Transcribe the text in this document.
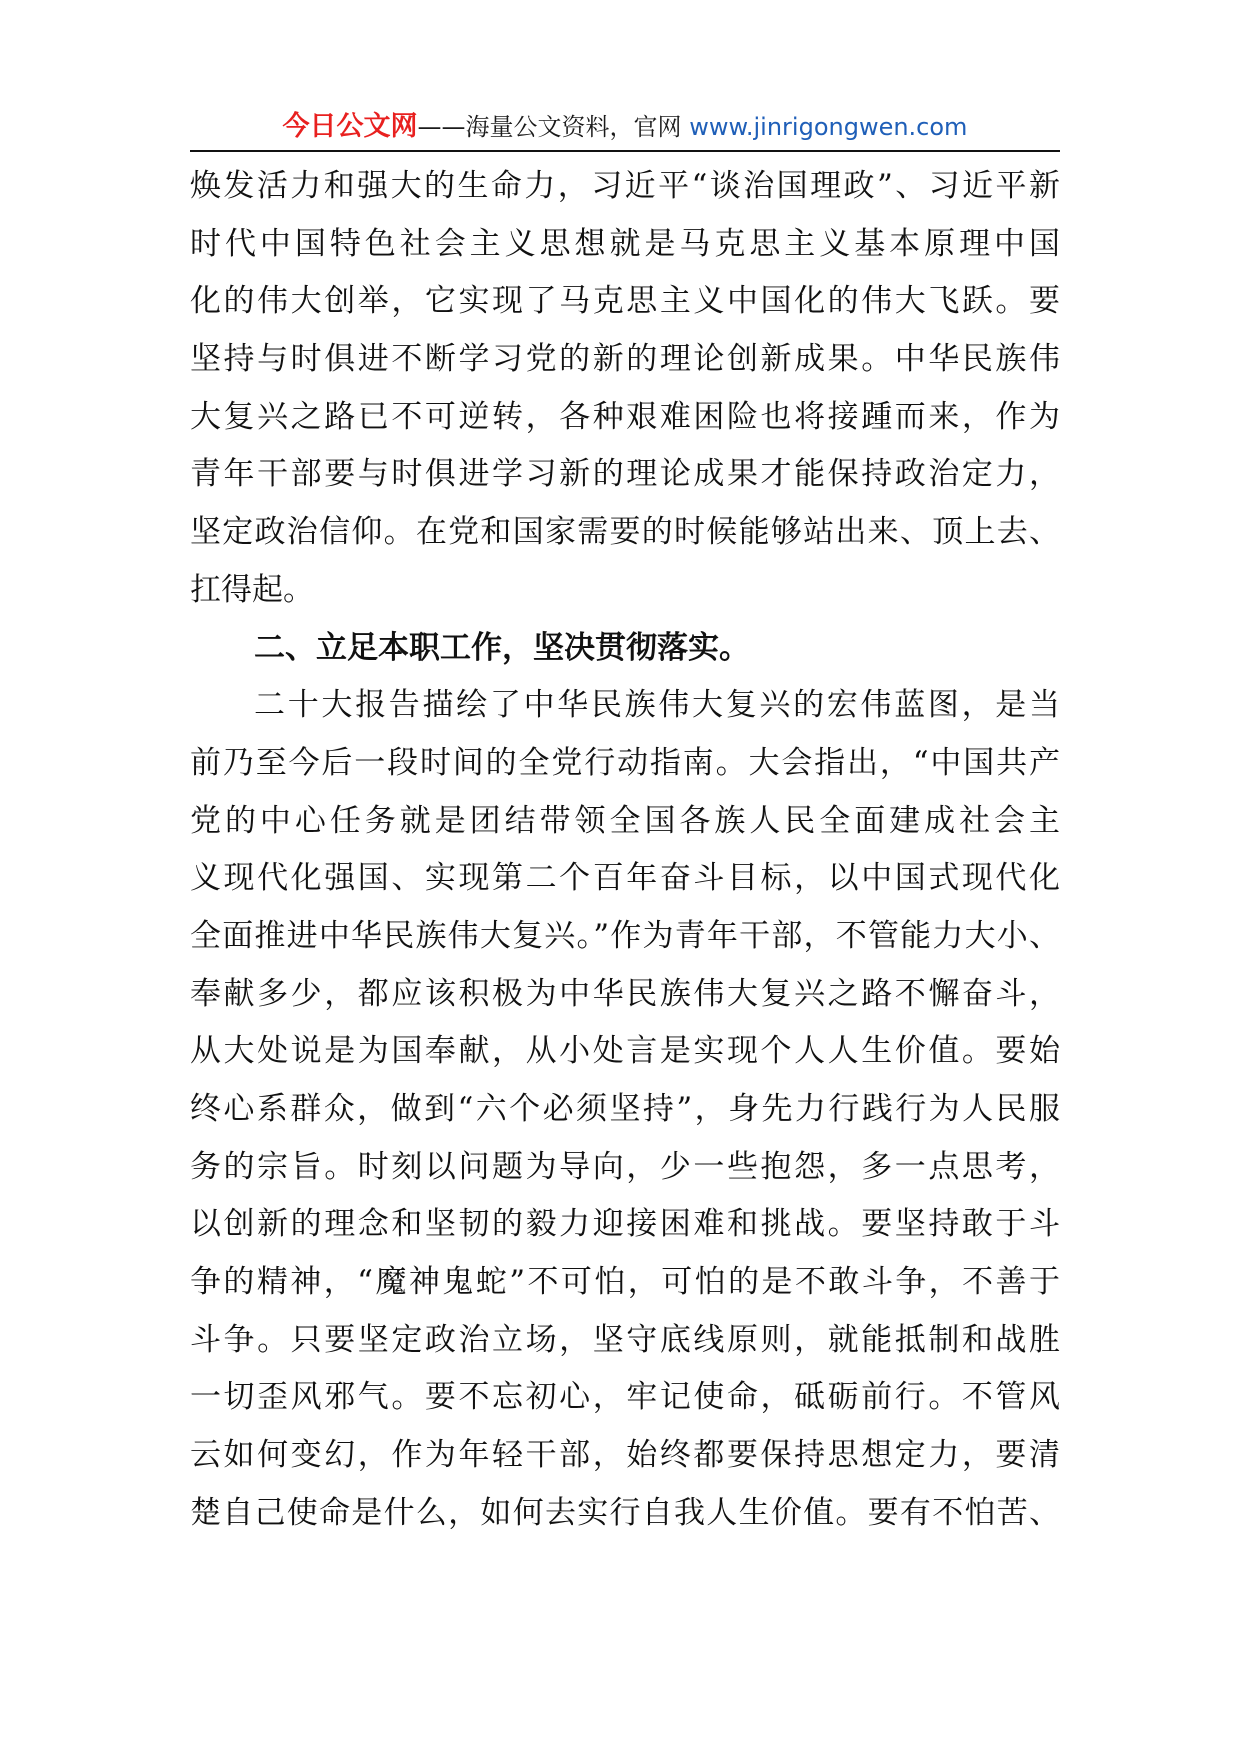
今日公文网——海量公文资料，官网 www.jinrigongwen.com
焕发活力和强大的生命力，习近平“谈治国理政”、习近平新
时代中国特色社会主义思想就是马克思主义基本原理中国
化的伟大创举，它实现了马克思主义中国化的伟大飞跃。要
坚持与时俱进不断学习党的新的理论创新成果。中华民族伟
大复兴之路已不可逆转，各种艰难困险也将接踵而来，作为
青年干部要与时俱进学习新的理论成果才能保持政治定力，
坚定政治信仰。在党和国家需要的时候能够站出来、顶上去、
扛得起。
二、立足本职工作，坚决贯彻落实。
二十大报告描绘了中华民族伟大复兴的宏伟蓝图，是当
前乃至今后一段时间的全党行动指南。大会指出，“中国共产
党的中心任务就是团结带领全国各族人民全面建成社会主
义现代化强国、实现第二个百年奋斗目标，以中国式现代化
全面推进中华民族伟大复兴。”作为青年干部，不管能力大小、
奉献多少，都应该积极为中华民族伟大复兴之路不懈奋斗，
从大处说是为国奉献，从小处言是实现个人人生价值。要始
终心系群众，做到“六个必须坚持”，身先力行践行为人民服
务的宗旨。时刻以问题为导向，少一些抱怨，多一点思考，
以创新的理念和坚韧的毅力迎接困难和挑战。要坚持敢于斗
争的精神，“魔神鬼蛇”不可怕，可怕的是不敢斗争，不善于
斗争。只要坚定政治立场，坚守底线原则，就能抵制和战胜
一切歪风邪气。要不忘初心，牢记使命，砥砺前行。不管风
云如何变幻，作为年轻干部，始终都要保持思想定力，要清
楚自己使命是什么，如何去实行自我人生价值。要有不怕苦、
